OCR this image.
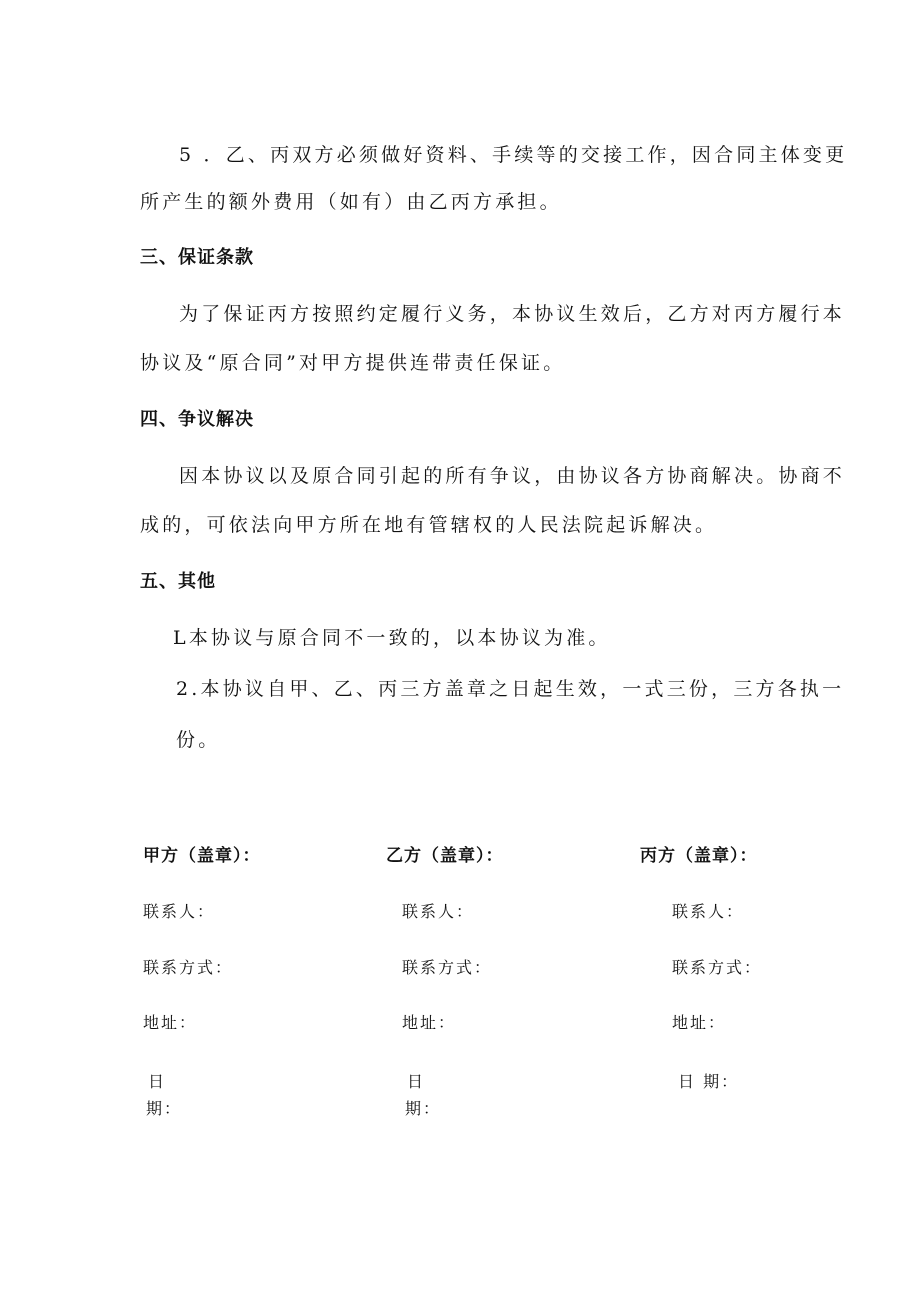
5 ．乙、丙双方必须做好资料、手续等的交接工作，因合同主体变更
所产生的额外费用（如有）由乙丙方承担。
三、保证条款
为了保证丙方按照约定履行义务，本协议生效后，乙方对丙方履行本
协议及“原合同”对甲方提供连带责任保证。
四、争议解决
因本协议以及原合同引起的所有争议，由协议各方协商解决。协商不
成的，可依法向甲方所在地有管辖权的人民法院起诉解决。
五、其他
L本协议与原合同不一致的，以本协议为准。
2.本协议自甲、乙、丙三方盖章之日起生效，一式三份，三方各执一
份。
甲方（盖章）：
联系人：
联系方式：
地址：
日
期：
乙方（盖章）：
联系人：
联系方式：
地址：
日
期：
丙方（盖章）：
联系人：
联系方式：
地址：
日 期：
